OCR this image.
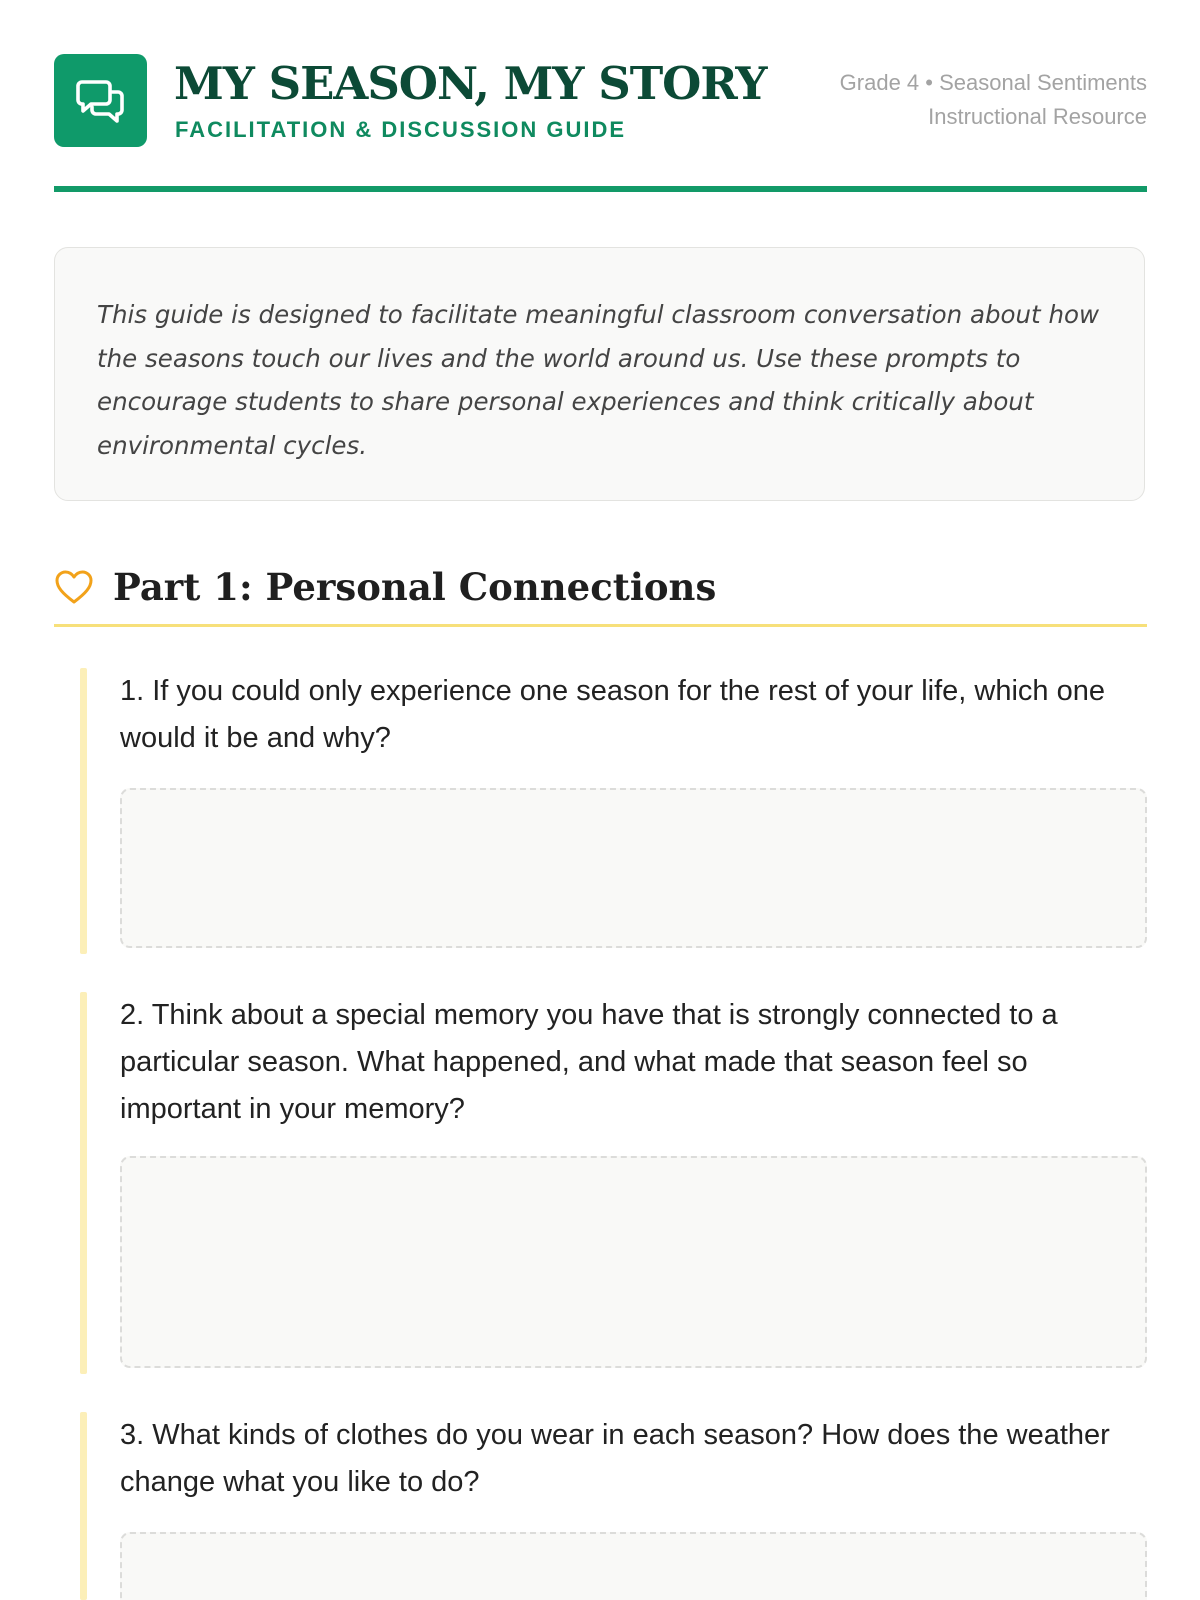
MY SEASON, MY STORY
FACILITATION & DISCUSSION GUIDE
Grade 4 • Seasonal Sentiments
Instructional Resource

This guide is designed to facilitate meaningful classroom conversation about how the seasons touch our lives and the world around us. Use these prompts to encourage students to share personal experiences and think critically about environmental cycles.

Part 1: Personal Connections

1. If you could only experience one season for the rest of your life, which one would it be and why?

2. Think about a special memory you have that is strongly connected to a particular season. What happened, and what made that season feel so important in your memory?

3. What kinds of clothes do you wear in each season? How does the weather change what you like to do?
